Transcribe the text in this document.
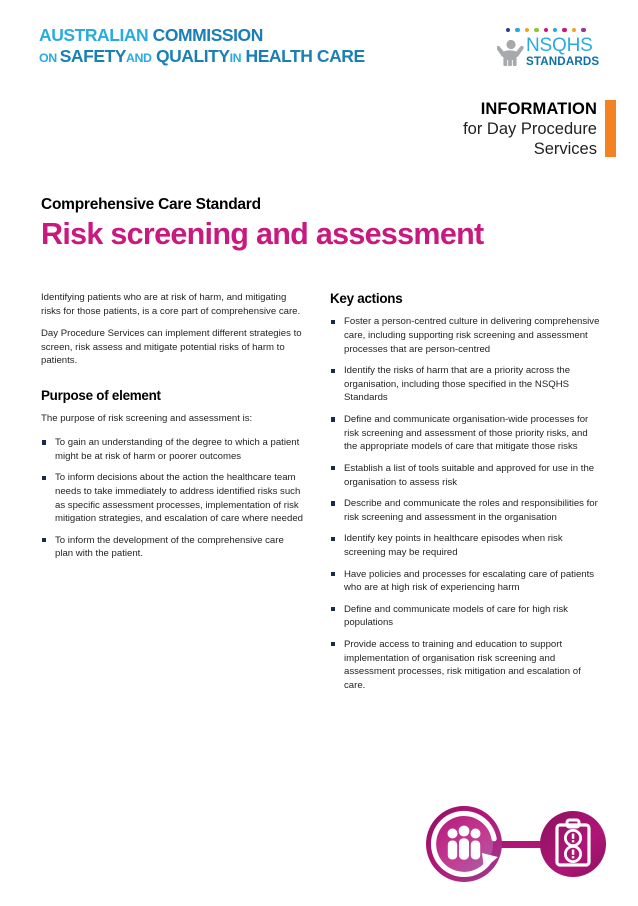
AUSTRALIAN COMMISSION
ON SAFETYAND QUALITYIN HEALTH CARE	NSQHS
STANDARDS
INFORMATION
for Day Procedure
Services
Comprehensive Care Standard
Risk screening and assessment

Identifying patients who are at risk of harm, and mitigating risks for those patients, is a core part of comprehensive care.

Day Procedure Services can implement different strategies to screen, risk assess and mitigate potential risks of harm to patients.

Purpose of element

The purpose of risk screening and assessment is:

To gain an understanding of the degree to which a patient might be at risk of harm or poorer outcomes
To inform decisions about the action the healthcare team needs to take immediately to address identified risks such as specific assessment processes, implementation of risk mitigation strategies, and escalation of care where needed
To inform the development of the comprehensive care plan with the patient.
Key actions
Foster a person-centred culture in delivering comprehensive care, including supporting risk screening and assessment processes that are person-centred
Identify the risks of harm that are a priority across the organisation, including those specified in the NSQHS Standards
Define and communicate organisation-wide processes for risk screening and assessment of those priority risks, and the appropriate models of care that mitigate those risks
Establish a list of tools suitable and approved for use in the organisation to assess risk
Describe and communicate the roles and responsibilities for risk screening and assessment in the organisation
Identify key points in healthcare episodes when risk screening may be required
Have policies and processes for escalating care of patients who are at high risk of experiencing harm
Define and communicate models of care for high risk populations
Provide access to training and education to support implementation of organisation risk screening and assessment processes, risk mitigation and escalation of care.
